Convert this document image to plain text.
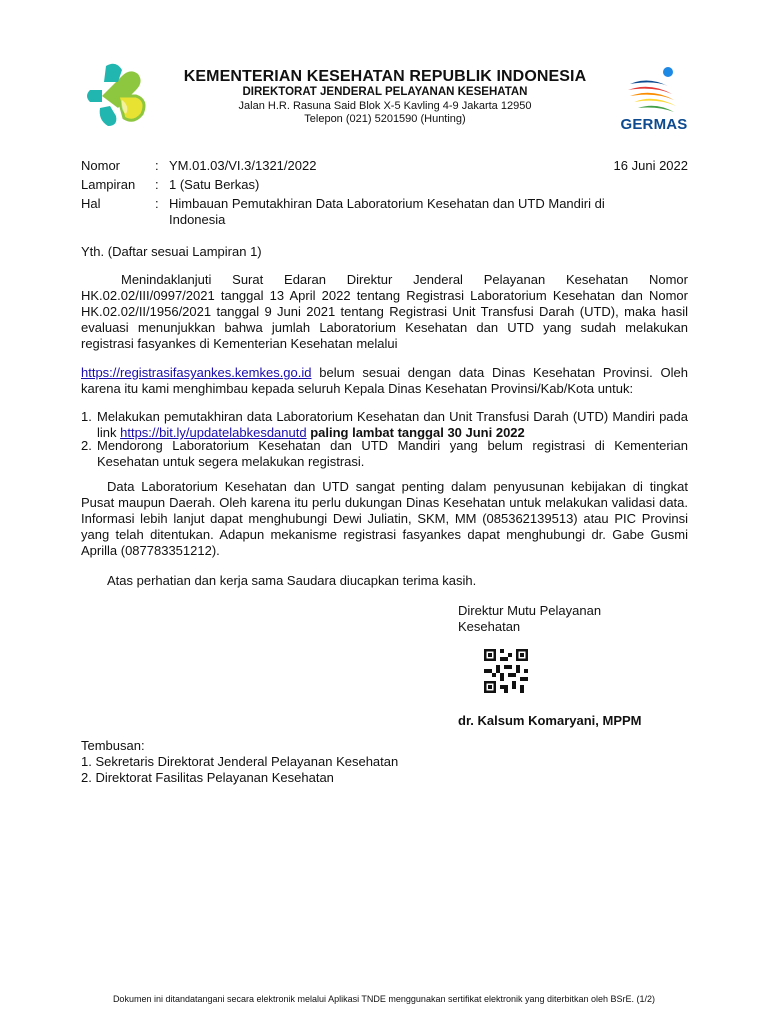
KEMENTERIAN KESEHATAN REPUBLIK INDONESIA
DIREKTORAT JENDERAL PELAYANAN KESEHATAN
Jalan H.R. Rasuna Said Blok X-5 Kavling 4-9 Jakarta 12950
Telepon (021) 5201590 (Hunting)	GERMAS
Nomor	: YM.01.03/VI.3/1321/2022	16 Juni 2022
Lampiran : 1 (Satu Berkas)
Hal	: Himbauan Pemutakhiran Data Laboratorium Kesehatan dan UTD Mandiri di Indonesia
Yth. (Daftar sesuai Lampiran 1)
Menindaklanjuti Surat Edaran Direktur Jenderal Pelayanan Kesehatan Nomor HK.02.02/III/0997/2021 tanggal 13 April 2022 tentang Registrasi Laboratorium Kesehatan dan Nomor HK.02.02/II/1956/2021 tanggal 9 Juni 2021 tentang Registrasi Unit Transfusi Darah (UTD), maka hasil evaluasi menunjukkan bahwa jumlah Laboratorium Kesehatan dan UTD yang sudah melakukan registrasi fasyankes di Kementerian Kesehatan melalui
https://registrasifasyankes.kemkes.go.id belum sesuai dengan data Dinas Kesehatan Provinsi. Oleh karena itu kami menghimbau kepada seluruh Kepala Dinas Kesehatan Provinsi/Kab/Kota untuk:
1. Melakukan pemutakhiran data Laboratorium Kesehatan dan Unit Transfusi Darah (UTD) Mandiri pada link https://bit.ly/updatelabkesdanutd paling lambat tanggal 30 Juni 2022
2. Mendorong Laboratorium Kesehatan dan UTD Mandiri yang belum registrasi di Kementerian Kesehatan untuk segera melakukan registrasi.
Data Laboratorium Kesehatan dan UTD sangat penting dalam penyusunan kebijakan di tingkat Pusat maupun Daerah. Oleh karena itu perlu dukungan Dinas Kesehatan untuk melakukan validasi data. Informasi lebih lanjut dapat menghubungi Dewi Juliatin, SKM, MM (085362139513) atau PIC Provinsi yang telah ditentukan. Adapun mekanisme registrasi fasyankes dapat menghubungi dr. Gabe Gusmi Aprilla (087783351212).
Atas perhatian dan kerja sama Saudara diucapkan terima kasih.
Direktur Mutu Pelayanan
Kesehatan
dr. Kalsum Komaryani, MPPM
Tembusan:
1. Sekretaris Direktorat Jenderal Pelayanan Kesehatan
2. Direktorat Fasilitas Pelayanan Kesehatan
Dokumen ini ditandatangani secara elektronik melalui Aplikasi TNDE menggunakan sertifikat elektronik yang diterbitkan oleh BSrE. (1/2)
